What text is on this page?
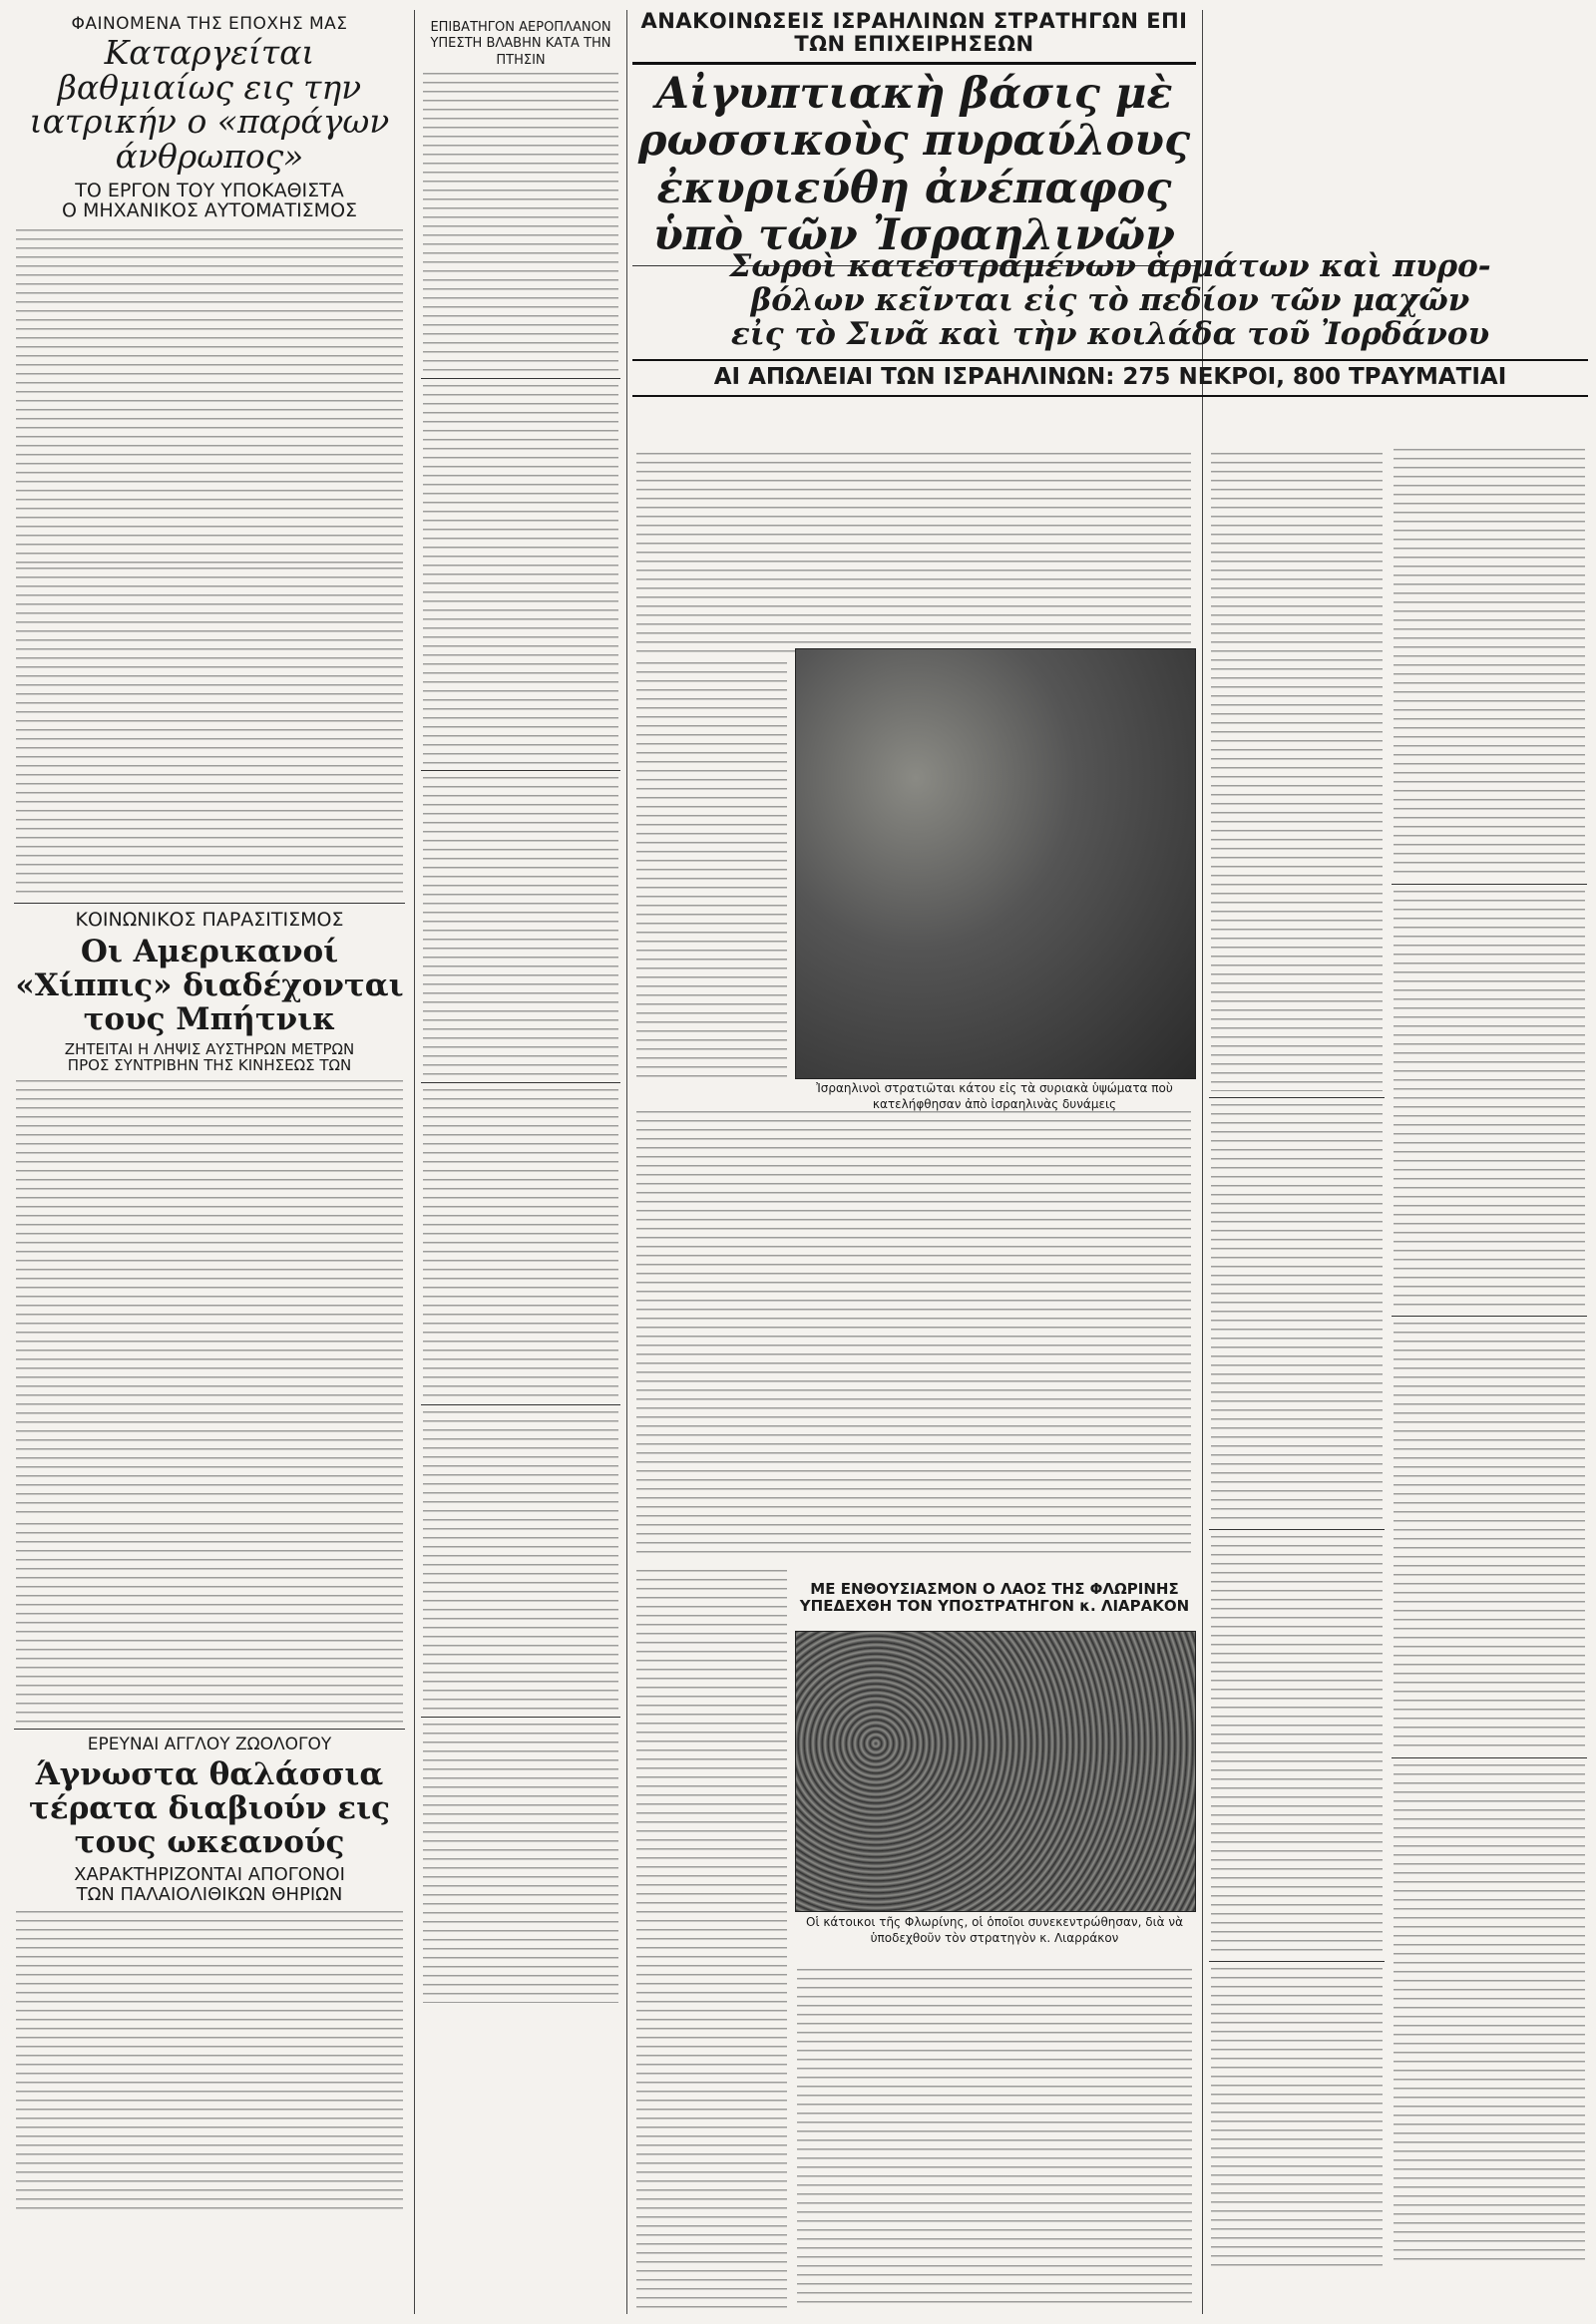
ΦΑΙΝΟΜΕΝΑ ΤΗΣ ΕΠΟΧΗΣ ΜΑΣ
Καταργείται βαθμιαίως εις την ιατρικήν ο «παράγων άνθρωπος»
ΤΟ ΕΡΓΟΝ ΤΟΥ ΥΠΟΚΑΘΙΣΤΑ
Ο ΜΗΧΑΝΙΚΟΣ ΑΥΤΟΜΑΤΙΣΜΟΣ
ΚΟΙΝΩΝΙΚΟΣ ΠΑΡΑΣΙΤΙΣΜΟΣ
Οι Αμερικανοί «Χίππις» διαδέχονται τους Μπήτνικ
ΖΗΤΕΙΤΑΙ Η ΛΗΨΙΣ ΑΥΣΤΗΡΩΝ ΜΕΤΡΩΝ
ΠΡΟΣ ΣΥΝΤΡΙΒΗΝ ΤΗΣ ΚΙΝΗΣΕΩΣ ΤΩΝ
ΕΡΕΥΝΑΙ ΑΓΓΛΟΥ ΖΩΟΛΟΓΟΥ
Άγνωστα θαλάσσια τέρατα διαβιούν εις τους ωκεανούς
ΧΑΡΑΚΤΗΡΙΖΟΝΤΑΙ ΑΠΟΓΟΝΟΙ
ΤΩΝ ΠΑΛΑΙΟΛΙΘΙΚΩΝ ΘΗΡΙΩΝ
ΕΠΙΒΑΤΗΓΟΝ ΑΕΡΟΠΛΑΝΟΝ ΥΠΕΣΤΗ ΒΛΑΒΗΝ ΚΑΤΑ ΤΗΝ ΠΤΗΣΙΝ
ΑΝΑΚΟΙΝΩΣΕΙΣ ΙΣΡΑΗΛΙΝΩΝ ΣΤΡΑΤΗΓΩΝ ΕΠΙ ΤΩΝ ΕΠΙΧΕΙΡΗΣΕΩΝ
Αἰγυπτιακὴ βάσις μὲ ρωσσικοὺς πυραύλους
ἐκυριεύθη ἀνέπαφος ὑπὸ τῶν Ἰσραηλινῶν
Σωροὶ κατεστραμένων ἁρμάτων καὶ πυρο-
βόλων κεῖνται εἰς τὸ πεδίον τῶν μαχῶν
εἰς τὸ Σινᾶ καὶ τὴν κοιλάδα τοῦ Ἰορδάνου
ΑΙ ΑΠΩΛΕΙΑΙ ΤΩΝ ΙΣΡΑΗΛΙΝΩΝ: 275 ΝΕΚΡΟΙ, 800 ΤΡΑΥΜΑΤΙΑΙ
Ἰσραηλινοὶ στρατιῶται κάτου εἰς τὰ συριακὰ ὑψώματα ποὺ κατελήφθησαν ἀπὸ ἰσραηλινὰς δυνάμεις
ΜΕ ΕΝΘΟΥΣΙΑΣΜΟΝ Ο ΛΑΟΣ ΤΗΣ ΦΛΩΡΙΝΗΣ ΥΠΕΔΕΧΘΗ ΤΟΝ ΥΠΟΣΤΡΑΤΗΓΟΝ κ. ΛΙΑΡΑΚΟΝ
Οἱ κάτοικοι τῆς Φλωρίνης, οἱ ὁποῖοι συνεκεντρώθησαν, διὰ νὰ ὑποδεχθοῦν τὸν στρατηγὸν κ. Λιαρράκον
